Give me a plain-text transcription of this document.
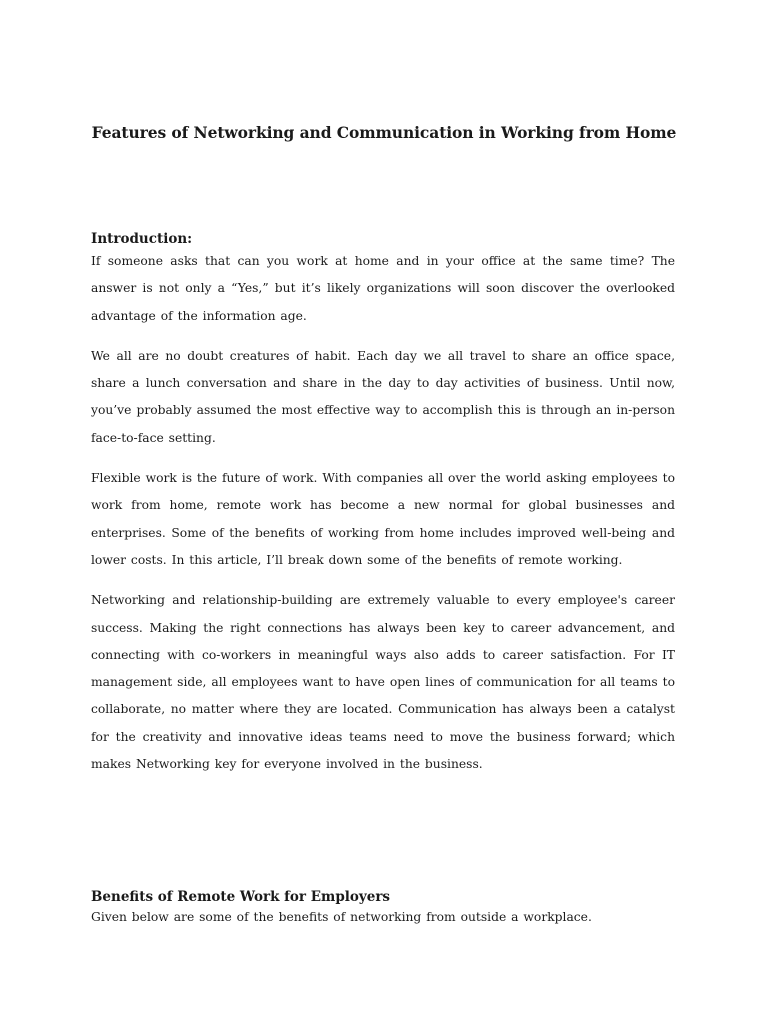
Features of Networking and Communication in Working from Home
Introduction:

If someone asks that can you work at home and in your office at the same time? The answer is not only a “Yes,” but it’s likely organizations will soon discover the overlooked advantage of the information age.

We all are no doubt creatures of habit. Each day we all travel to share an office space, share a lunch conversation and share in the day to day activities of business. Until now, you’ve probably assumed the most effective way to accomplish this is through an in-person face-to-face setting.

Flexible work is the future of work. With companies all over the world asking employees to work from home, remote work has become a new normal for global businesses and enterprises. Some of the benefits of working from home includes improved well-being and lower costs. In this article, I’ll break down some of the benefits of remote working.

Networking and relationship-building are extremely valuable to every employee's career success. Making the right connections has always been key to career advancement, and connecting with co-workers in meaningful ways also adds to career satisfaction. For IT management side, all employees want to have open lines of communication for all teams to collaborate, no matter where they are located. Communication has always been a catalyst for the creativity and innovative ideas teams need to move the business forward; which makes Networking key for everyone involved in the business.

Benefits of Remote Work for Employers

Given below are some of the benefits of networking from outside a workplace.
